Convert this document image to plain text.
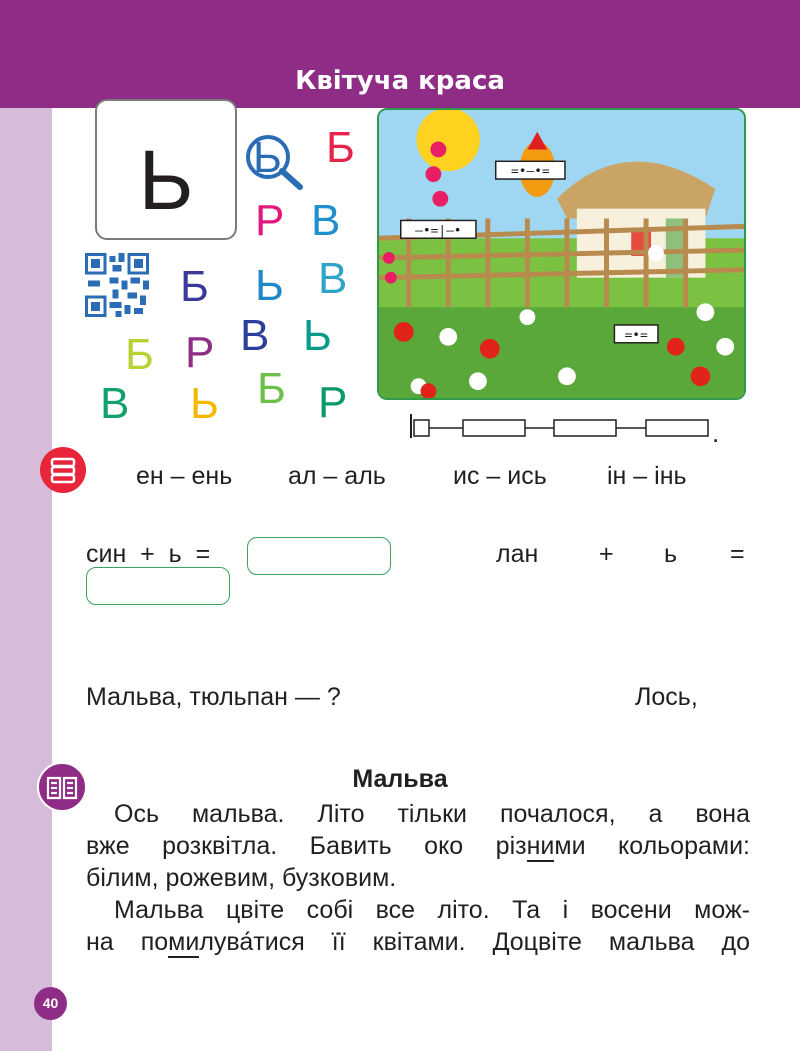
Квітуча краса
Ь	Ь Б
Р В
Б Ь В
Б Р В Ь
В Ь Б Р
=•–•=
–•=|–•
=•=
.
ен – ень ал – аль	ис – ись ін – інь
син  +  ь  =	лан + ь =
Мальва, тюльпан — ?	Лось,
Мальва

Ось мальва. Літо тільки почалося, а вона

вже розквітла. Бавить око різними кольорами:

білим, рожевим, бузковим.

Мальва цвіте собі все літо. Та і восени мож-

на помилува́тися її квітами. Доцвіте мальва до

40
